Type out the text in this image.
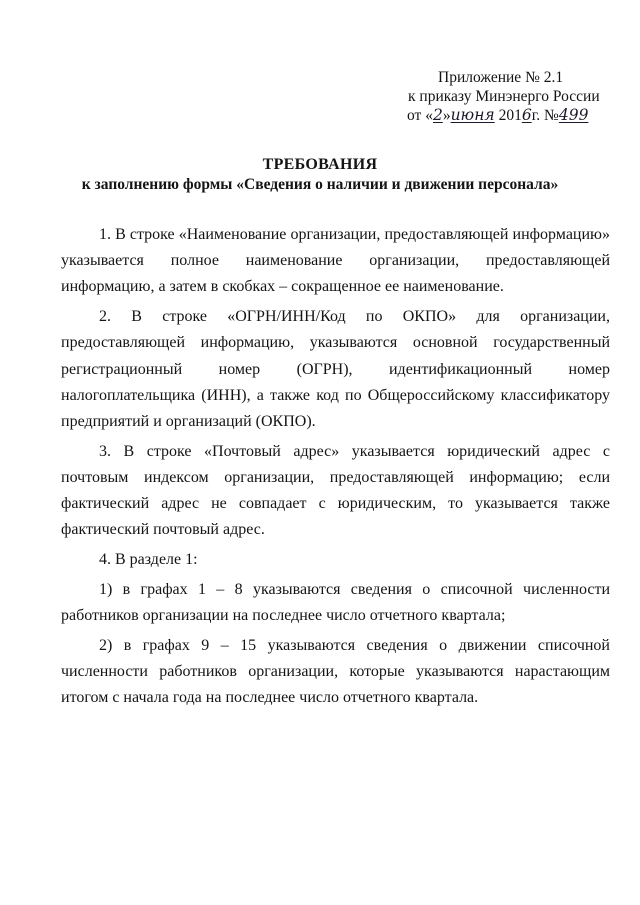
Приложение № 2.1
к приказу Минэнерго России
от «2»июня 2016г. №499
ТРЕБОВАНИЯ
к заполнению формы «Сведения о наличии и движении персонала»

1. В строке «Наименование организации, предоставляющей информацию» указывается полное наименование организации, предоставляющей информацию, а затем в скобках – сокращенное ее наименование.

2. В строке «ОГРН/ИНН/Код по ОКПО» для организации, предоставляющей информацию, указываются основной государственный регистрационный номер (ОГРН), идентификационный номер налогоплательщика (ИНН), а также код по Общероссийскому классификатору предприятий и организаций (ОКПО).

3. В строке «Почтовый адрес» указывается юридический адрес с почтовым индексом организации, предоставляющей информацию; если фактический адрес не совпадает с юридическим, то указывается также фактический почтовый адрес.

4. В разделе 1:

1) в графах 1 – 8 указываются сведения о списочной численности работников организации на последнее число отчетного квартала;

2) в графах 9 – 15 указываются сведения о движении списочной численности работников организации, которые указываются нарастающим итогом с начала года на последнее число отчетного квартала.
